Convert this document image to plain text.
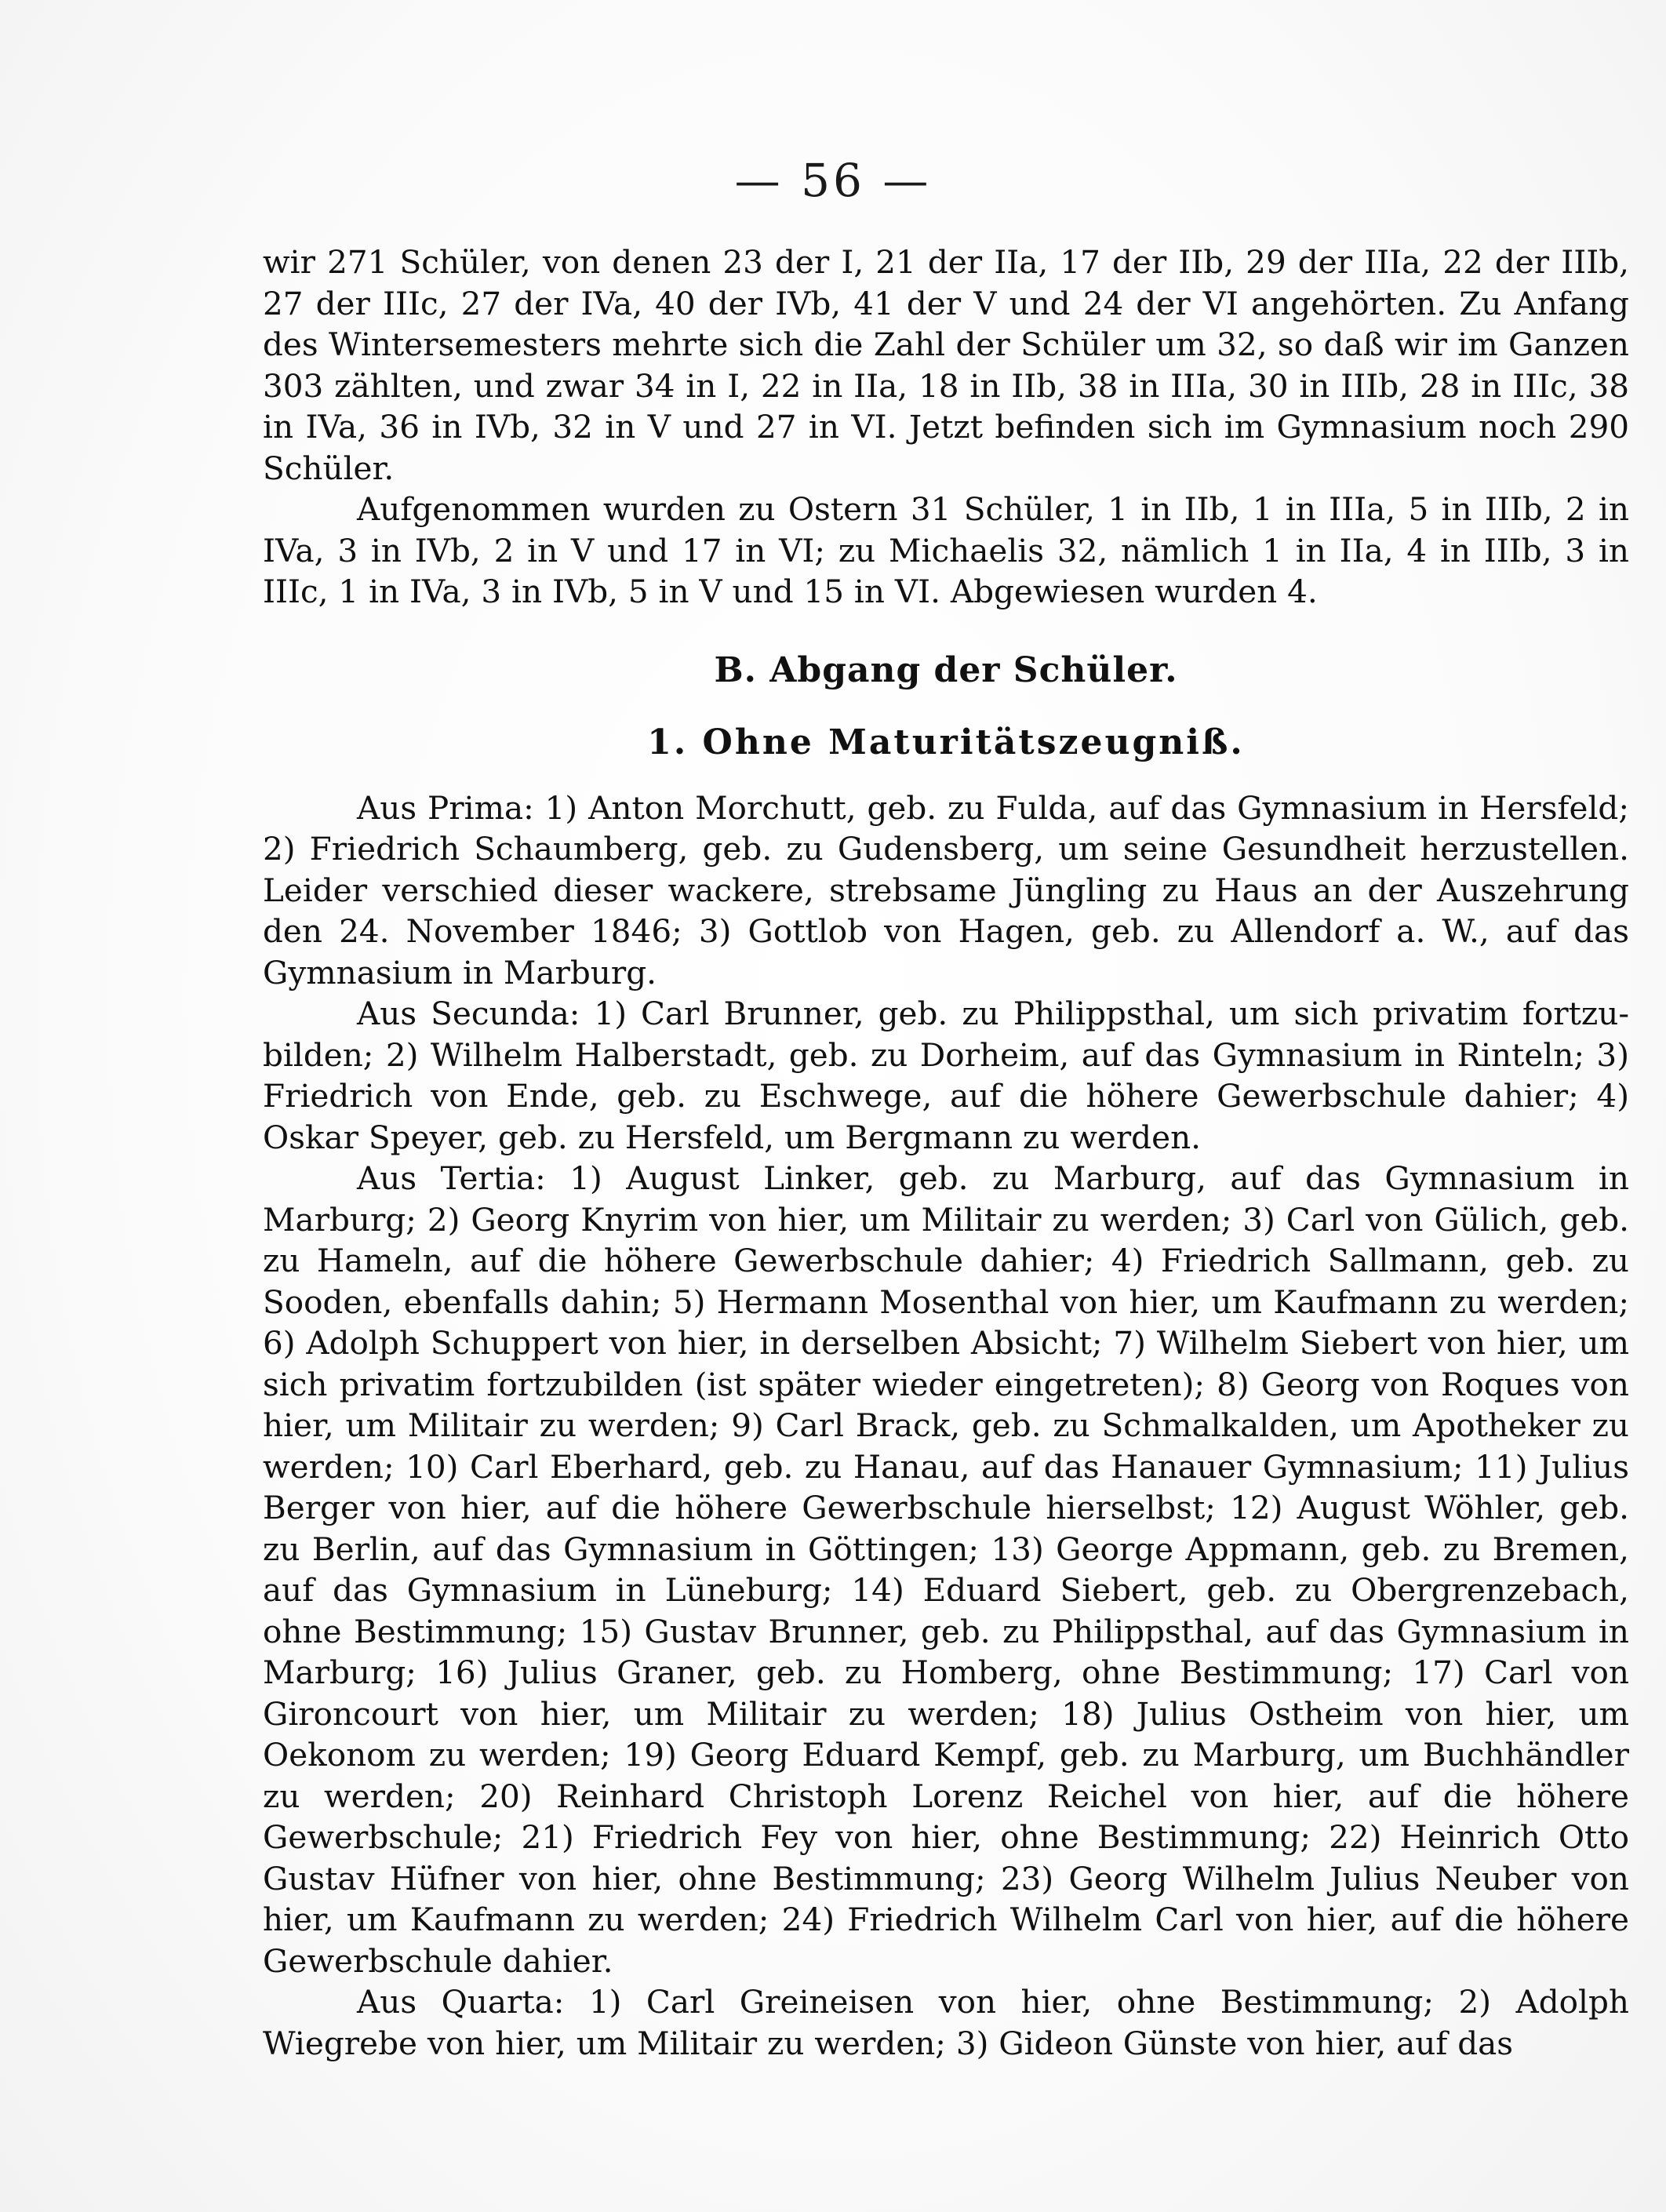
— 56 —

wir 271 Schüler, von denen 23 der I, 21 der IIa, 17 der IIb, 29 der IIIa, 22 der IIIb, 27 der IIIc, 27 der IVa, 40 der IVb, 41 der V und 24 der VI angehörten. Zu Anfang des Wintersemesters mehrte sich die Zahl der Schüler um 32, so daß wir im Ganzen 303 zählten, und zwar 34 in I, 22 in IIa, 18 in IIb, 38 in IIIa, 30 in IIIb, 28 in IIIc, 38 in IVa, 36 in IVb, 32 in V und 27 in VI. Jetzt befinden sich im Gymnasium noch 290 Schüler.

Aufgenommen wurden zu Ostern 31 Schüler, 1 in IIb, 1 in IIIa, 5 in IIIb, 2 in IVa, 3 in IVb, 2 in V und 17 in VI; zu Michaelis 32, nämlich 1 in IIa, 4 in IIIb, 3 in IIIc, 1 in IVa, 3 in IVb, 5 in V und 15 in VI. Abgewiesen wurden 4.

B. Abgang der Schüler.
1. Ohne Maturitätszeugniß.

Aus Prima: 1) Anton Morchutt, geb. zu Fulda, auf das Gymnasium in Hersfeld; 2) Friedrich Schaumberg, geb. zu Gudensberg, um seine Gesundheit herzustellen. Leider verschied dieser wackere, strebsame Jüngling zu Haus an der Auszehrung den 24. November 1846; 3) Gottlob von Hagen, geb. zu Allendorf a. W., auf das Gymnasium in Marburg.

Aus Secunda: 1) Carl Brunner, geb. zu Philippsthal, um sich privatim fortzubilden; 2) Wilhelm Halberstadt, geb. zu Dorheim, auf das Gymnasium in Rinteln; 3) Friedrich von Ende, geb. zu Eschwege, auf die höhere Gewerbschule dahier; 4) Oskar Speyer, geb. zu Hersfeld, um Bergmann zu werden.

Aus Tertia: 1) August Linker, geb. zu Marburg, auf das Gymnasium in Marburg; 2) Georg Knyrim von hier, um Militair zu werden; 3) Carl von Gülich, geb. zu Hameln, auf die höhere Gewerbschule dahier; 4) Friedrich Sallmann, geb. zu Sooden, ebenfalls dahin; 5) Hermann Mosenthal von hier, um Kaufmann zu werden; 6) Adolph Schuppert von hier, in derselben Absicht; 7) Wilhelm Siebert von hier, um sich privatim fortzubilden (ist später wieder eingetreten); 8) Georg von Roques von hier, um Militair zu werden; 9) Carl Brack, geb. zu Schmalkalden, um Apotheker zu werden; 10) Carl Eberhard, geb. zu Hanau, auf das Hanauer Gymnasium; 11) Julius Berger von hier, auf die höhere Gewerbschule hierselbst; 12) August Wöhler, geb. zu Berlin, auf das Gymnasium in Göttingen; 13) George Appmann, geb. zu Bremen, auf das Gymnasium in Lüneburg; 14) Eduard Siebert, geb. zu Obergrenzebach, ohne Bestimmung; 15) Gustav Brunner, geb. zu Philippsthal, auf das Gymnasium in Marburg; 16) Julius Graner, geb. zu Homberg, ohne Bestimmung; 17) Carl von Gironcourt von hier, um Militair zu werden; 18) Julius Ostheim von hier, um Oekonom zu werden; 19) Georg Eduard Kempf, geb. zu Marburg, um Buchhändler zu werden; 20) Reinhard Christoph Lorenz Reichel von hier, auf die höhere Gewerbschule; 21) Friedrich Fey von hier, ohne Bestimmung; 22) Heinrich Otto Gustav Hüfner von hier, ohne Bestimmung; 23) Georg Wilhelm Julius Neuber von hier, um Kaufmann zu werden; 24) Friedrich Wilhelm Carl von hier, auf die höhere Gewerbschule dahier.

Aus Quarta: 1) Carl Greineisen von hier, ohne Bestimmung; 2) Adolph Wiegrebe von hier, um Militair zu werden; 3) Gideon Günste von hier, auf das
